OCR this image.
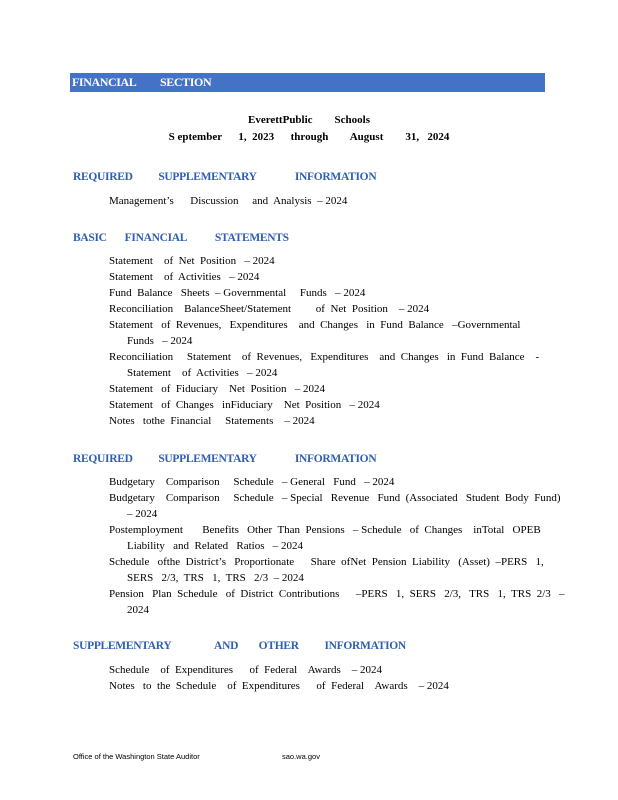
FINANCIAL SECTION
EverettPublic        Schools
S eptember      1,  2023      through        August        31,   2024
REQUIRED          SUPPLEMENTARY               INFORMATION
Management’s      Discussion     and  Analysis  – 2024
BASIC       FINANCIAL           STATEMENTS
Statement    of  Net  Position   – 2024
Statement    of  Activities   – 2024
Fund  Balance   Sheets  – Governmental     Funds   – 2024
Reconciliation    BalanceSheet/Statement         of  Net  Position    – 2024
Statement   of  Revenues,   Expenditures    and  Changes   in  Fund  Balance   –Governmental
Funds   – 2024
Reconciliation     Statement    of  Revenues,   Expenditures    and  Changes   in  Fund  Balance    -
Statement    of  Activities   – 2024
Statement   of  Fiduciary    Net  Position   – 2024
Statement   of  Changes   inFiduciary    Net  Position   – 2024
Notes   tothe  Financial     Statements    – 2024
REQUIRED          SUPPLEMENTARY               INFORMATION
Budgetary    Comparison     Schedule   – General   Fund   – 2024
Budgetary    Comparison     Schedule   – Special   Revenue   Fund  (Associated   Student  Body  Fund)
– 2024
Postemployment       Benefits   Other  Than  Pensions   – Schedule   of  Changes    inTotal   OPEB
Liability   and  Related   Ratios   – 2024
Schedule   ofthe  District’s   Proportionate      Share  ofNet  Pension  Liability   (Asset)  –PERS   1,
SERS   2/3,  TRS   1,  TRS   2/3  – 2024
Pension   Plan  Schedule   of  District  Contributions      –PERS   1,  SERS   2/3,   TRS   1,  TRS  2/3   –
2024
SUPPLEMENTARY                 AND        OTHER          INFORMATION
Schedule    of  Expenditures      of  Federal    Awards    – 2024
Notes   to  the  Schedule    of  Expenditures      of  Federal    Awards    – 2024
Office of the Washington State Auditor	sao.wa.gov
